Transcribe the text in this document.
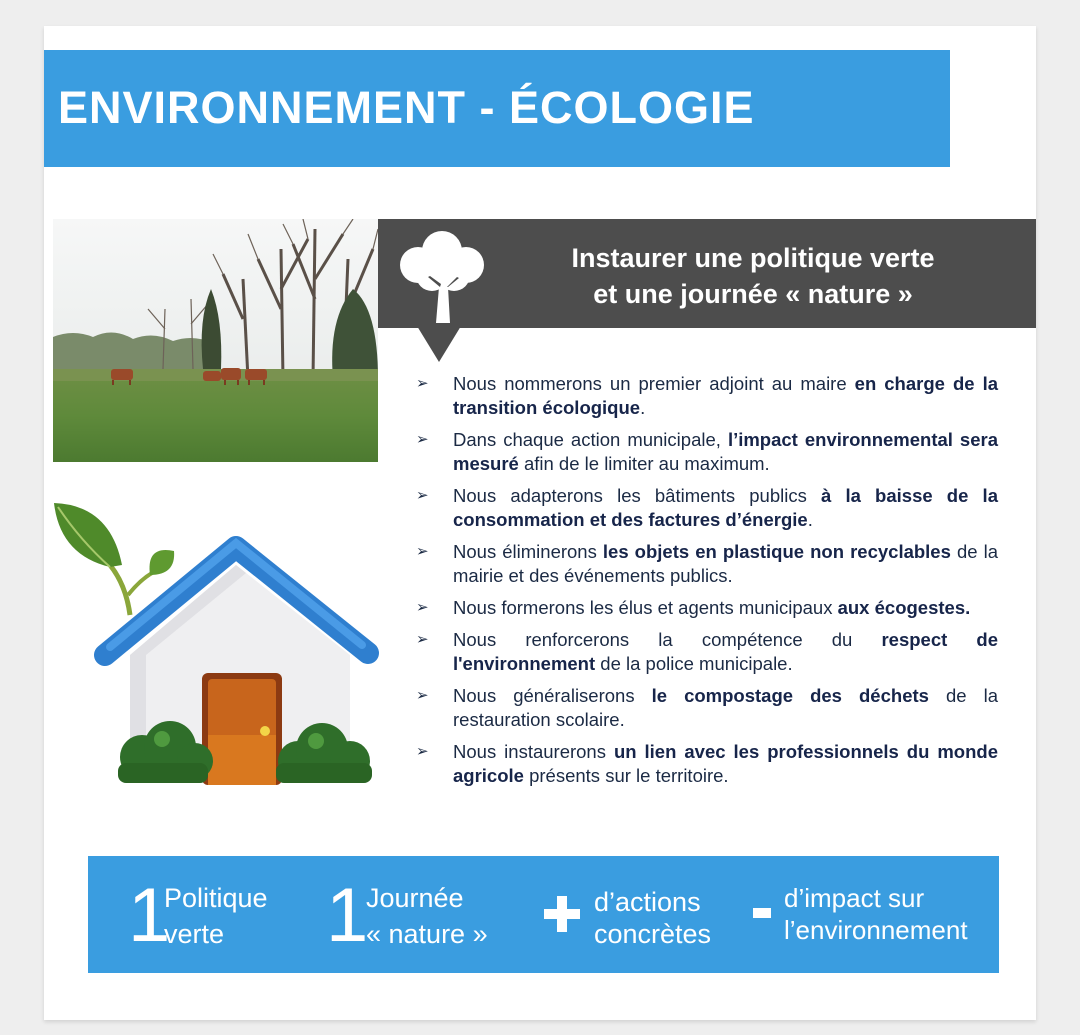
ENVIRONNEMENT - ÉCOLOGIE
Instaurer une politique verte
et une journée « nature »
➢ Nous nommerons un premier adjoint au maire en charge de la transition écologique.
➢ Dans chaque action municipale, l’impact environnemental sera mesuré afin de le limiter au maximum.
➢ Nous adapterons les bâtiments publics à la baisse de la consommation et des factures d’énergie.
➢ Nous éliminerons les objets en plastique non recyclables de la mairie et des événements publics.
➢ Nous formerons les élus et agents municipaux aux écogestes.
➢ Nous renforcerons la compétence du respect de l'environnement de la police municipale.
➢ Nous généraliserons le compostage des déchets de la restauration scolaire.
➢ Nous instaurerons un lien avec les professionnels du monde agricole présents sur le territoire.
1
Politique
verte 1
Journée
« nature »
d’actions
concrètes
d’impact sur
l’environnement
